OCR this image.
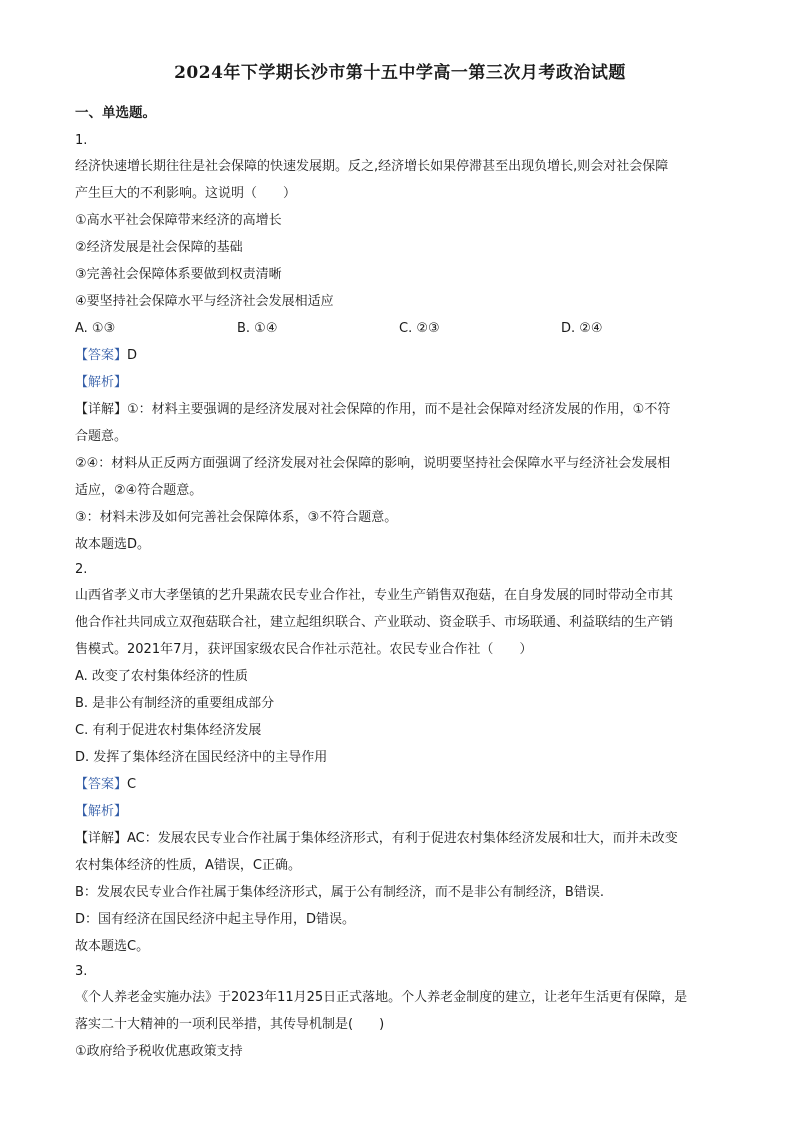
2024年下学期长沙市第十五中学高一第三次月考政治试题
一、单选题。
1.
经济快速增长期往往是社会保障的快速发展期。反之,经济增长如果停滞甚至出现负增长,则会对社会保障
产生巨大的不利影响。这说明（　　）
①高水平社会保障带来经济的高增长
②经济发展是社会保障的基础
③完善社会保障体系要做到权责清晰
④要坚持社会保障水平与经济社会发展相适应
A. ①③	B. ①④	C. ②③	D. ②④
【答案】D
【解析】
【详解】①：材料主要强调的是经济发展对社会保障的作用，而不是社会保障对经济发展的作用，①不符
合题意。
②④：材料从正反两方面强调了经济发展对社会保障的影响，说明要坚持社会保障水平与经济社会发展相
适应，②④符合题意。
③：材料未涉及如何完善社会保障体系，③不符合题意。
故本题选D。
2.
山西省孝义市大孝堡镇的艺升果蔬农民专业合作社，专业生产销售双孢菇，在自身发展的同时带动全市其
他合作社共同成立双孢菇联合社，建立起组织联合、产业联动、资金联手、市场联通、利益联结的生产销
售模式。2021年7月，获评国家级农民合作社示范社。农民专业合作社（　　）
A. 改变了农村集体经济的性质
B. 是非公有制经济的重要组成部分
C. 有利于促进农村集体经济发展
D. 发挥了集体经济在国民经济中的主导作用
【答案】C
【解析】
【详解】AC：发展农民专业合作社属于集体经济形式，有利于促进农村集体经济发展和壮大，而并未改变
农村集体经济的性质，A错误，C正确。
B：发展农民专业合作社属于集体经济形式，属于公有制经济，而不是非公有制经济，B错误.
D：国有经济在国民经济中起主导作用，D错误。
故本题选C。
3.
《个人养老金实施办法》于2023年11月25日正式落地。个人养老金制度的建立，让老年生活更有保障，是
落实二十大精神的一项利民举措，其传导机制是(　　)
①政府给予税收优惠政策支持
